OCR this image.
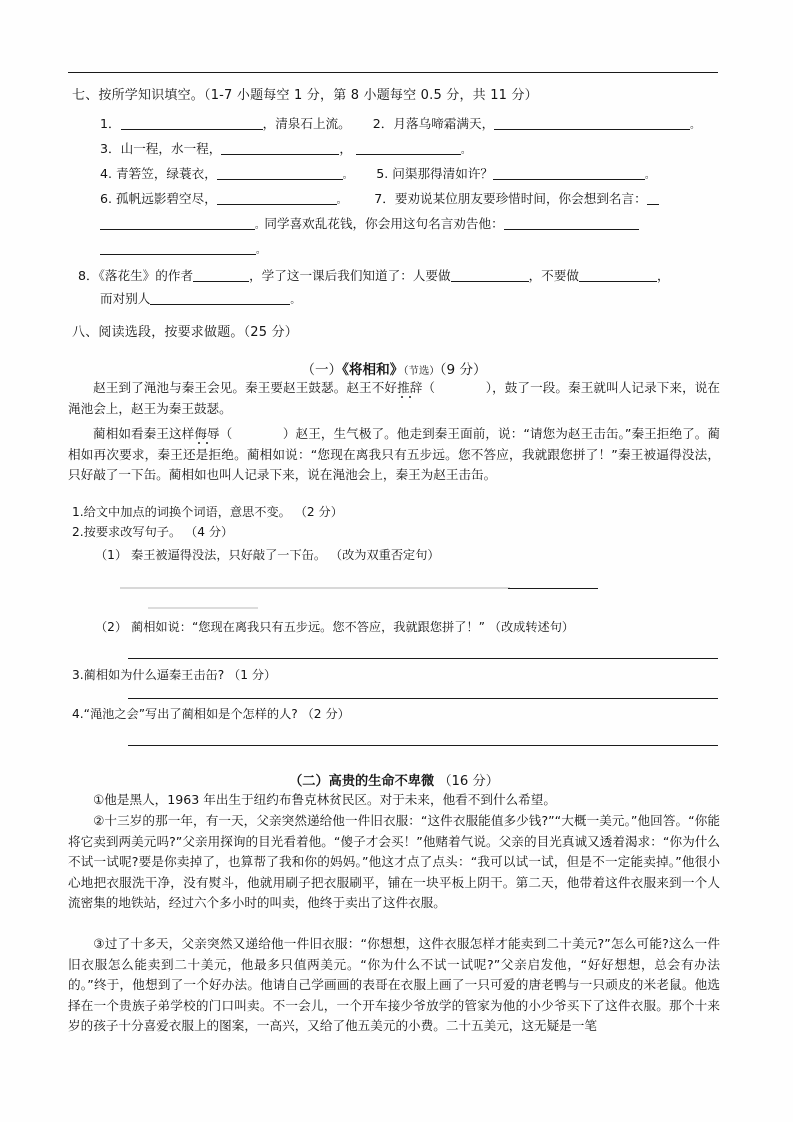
七、按所学知识填空。（1-7 小题每空 1 分，第 8 小题每空 0.5 分，共 11 分）
1．	，清泉石上流。 2．月落乌啼霜满天，	。
3．山一程，水一程，	，	。
4. 青箬笠，绿蓑衣，	。 5. 问渠那得清如许？	。
6. 孤帆远影碧空尽，	。 7．要劝说某位朋友要珍惜时间，你会想到名言：
。同学喜欢乱花钱，你会用这句名言劝告他：
。
8．《落花生》的作者	，学了这一课后我们知道了：人要做	，不要做	，
而对别人	。
八、阅读选段，按要求做题。（25 分）
（一）《将相和》（节选）（9 分）
赵王到了渑池与秦王会见。秦王要赵王鼓瑟。赵王不好推辞（　　　　），鼓了一段。秦王就叫人记录下来，说在渑池会上，赵王为秦王鼓瑟。
蔺相如看秦王这样侮辱（　　　　）赵王，生气极了。他走到秦王面前，说：“请您为赵王击缶。”秦王拒绝了。蔺相如再次要求，秦王还是拒绝。蔺相如说：“您现在离我只有五步远。您不答应，我就跟您拼了！”秦王被逼得没法，只好敲了一下缶。蔺相如也叫人记录下来，说在渑池会上，秦王为赵王击缶。
1.给文中加点的词换个词语，意思不变。 （2 分）
2.按要求改写句子。 （4 分）
（1） 秦王被逼得没法，只好敲了一下缶。 （改为双重否定句）
（2） 蔺相如说：“您现在离我只有五步远。您不答应，我就跟您拼了！” （改成转述句）
3.蔺相如为什么逼秦王击缶? （1 分）
4.“渑池之会”写出了蔺相如是个怎样的人? （2 分）
（二）高贵的生命不卑微 （16 分）
①他是黑人，1963 年出生于纽约布鲁克林贫民区。对于未来，他看不到什么希望。
②十三岁的那一年，有一天，父亲突然递给他一件旧衣服：“这件衣服能值多少钱?”“大概一美元。”他回答。“你能将它卖到两美元吗?”父亲用探询的目光看着他。“傻子才会买！”他赌着气说。父亲的目光真诚又透着渴求：“你为什么不试一试呢?要是你卖掉了，也算帮了我和你的妈妈。”他这才点了点头：“我可以试一试，但是不一定能卖掉。”他很小心地把衣服洗干净，没有熨斗，他就用刷子把衣服刷平，铺在一块平板上阴干。第二天，他带着这件衣服来到一个人流密集的地铁站，经过六个多小时的叫卖，他终于卖出了这件衣服。
③过了十多天，父亲突然又递给他一件旧衣服：“你想想，这件衣服怎样才能卖到二十美元?”怎么可能?这么一件旧衣服怎么能卖到二十美元，他最多只值两美元。“你为什么不试一试呢?”父亲启发他，“好好想想，总会有办法的。”终于，他想到了一个好办法。他请自己学画画的表哥在衣服上画了一只可爱的唐老鸭与一只顽皮的米老鼠。他选择在一个贵族子弟学校的门口叫卖。不一会儿，一个开车接少爷放学的管家为他的小少爷买下了这件衣服。那个十来岁的孩子十分喜爱衣服上的图案，一高兴，又给了他五美元的小费。二十五美元，这无疑是一笔
